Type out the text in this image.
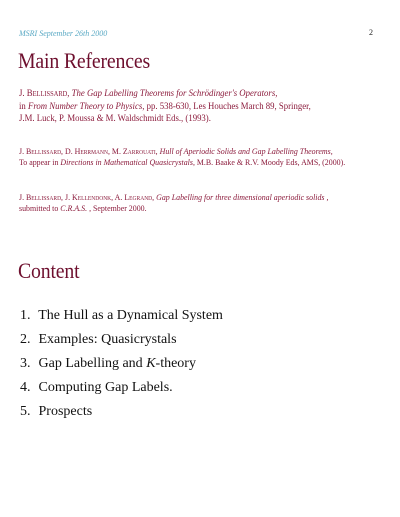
MSRI September 26th 2000	2
Main References
J. Bellissard, The Gap Labelling Theorems for Schrödinger's Operators,
in From Number Theory to Physics, pp. 538-630, Les Houches March 89, Springer,
J.M. Luck, P. Moussa & M. Waldschmidt Eds., (1993).
J. Bellissard, D. Herrmann, M. Zarrouati, Hull of Aperiodic Solids and Gap Labelling Theorems,
To appear in Directions in Mathematical Quasicrystals, M.B. Baake & R.V. Moody Eds, AMS, (2000).
J. Bellissard, J. Kellendonk, A. Legrand, Gap Labelling for three dimensional aperiodic solids ,
submitted to C.R.A.S. , September 2000.
Content
1. The Hull as a Dynamical System
2. Examples: Quasicrystals
3. Gap Labelling and K-theory
4. Computing Gap Labels.
5. Prospects
